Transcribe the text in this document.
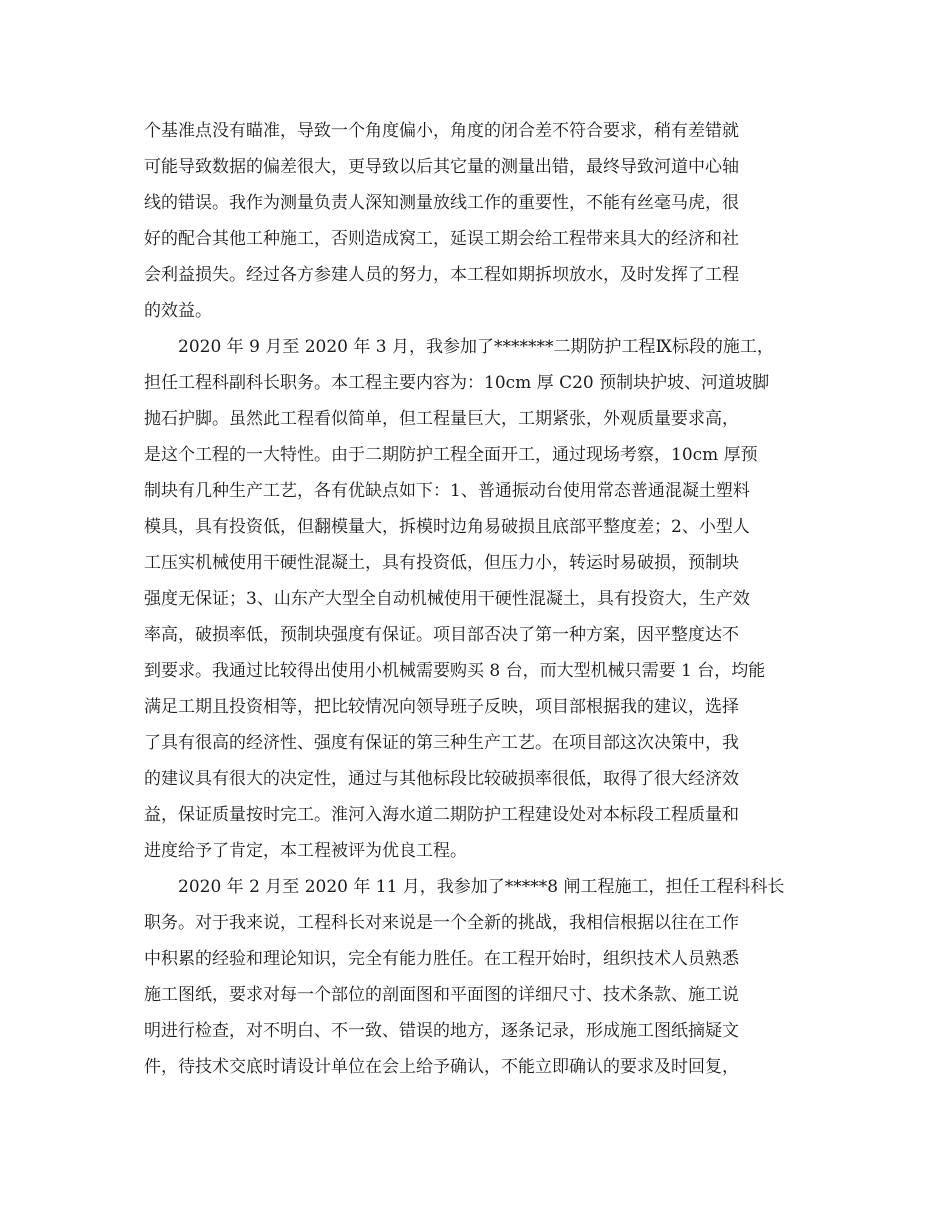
个基准点没有瞄准，导致一个角度偏小，角度的闭合差不符合要求，稍有差错就
可能导致数据的偏差很大，更导致以后其它量的测量出错，最终导致河道中心轴
线的错误。我作为测量负责人深知测量放线工作的重要性，不能有丝毫马虎，很
好的配合其他工种施工，否则造成窝工，延误工期会给工程带来具大的经济和社
会利益损失。经过各方参建人员的努力，本工程如期拆坝放水，及时发挥了工程
的效益。
2020 年 9 月至 2020 年 3 月，我参加了*******二期防护工程Ⅸ标段的施工，
担任工程科副科长职务。本工程主要内容为：10cm 厚 C20 预制块护坡、河道坡脚
抛石护脚。虽然此工程看似简单，但工程量巨大，工期紧张，外观质量要求高，
是这个工程的一大特性。由于二期防护工程全面开工，通过现场考察，10cm 厚预
制块有几种生产工艺，各有优缺点如下：1、普通振动台使用常态普通混凝土塑料
模具，具有投资低，但翻模量大，拆模时边角易破损且底部平整度差；2、小型人
工压实机械使用干硬性混凝土，具有投资低，但压力小，转运时易破损，预制块
强度无保证；3、山东产大型全自动机械使用干硬性混凝土，具有投资大，生产效
率高，破损率低，预制块强度有保证。项目部否决了第一种方案，因平整度达不
到要求。我通过比较得出使用小机械需要购买 8 台，而大型机械只需要 1 台，均能
满足工期且投资相等，把比较情况向领导班子反映，项目部根据我的建议，选择
了具有很高的经济性、强度有保证的第三种生产工艺。在项目部这次决策中，我
的建议具有很大的决定性，通过与其他标段比较破损率很低，取得了很大经济效
益，保证质量按时完工。淮河入海水道二期防护工程建设处对本标段工程质量和
进度给予了肯定，本工程被评为优良工程。
2020 年 2 月至 2020 年 11 月，我参加了*****8 闸工程施工，担任工程科科长
职务。对于我来说，工程科长对来说是一个全新的挑战，我相信根据以往在工作
中积累的经验和理论知识，完全有能力胜任。在工程开始时，组织技术人员熟悉
施工图纸，要求对每一个部位的剖面图和平面图的详细尺寸、技术条款、施工说
明进行检查，对不明白、不一致、错误的地方，逐条记录，形成施工图纸摘疑文
件，待技术交底时请设计单位在会上给予确认，不能立即确认的要求及时回复，
